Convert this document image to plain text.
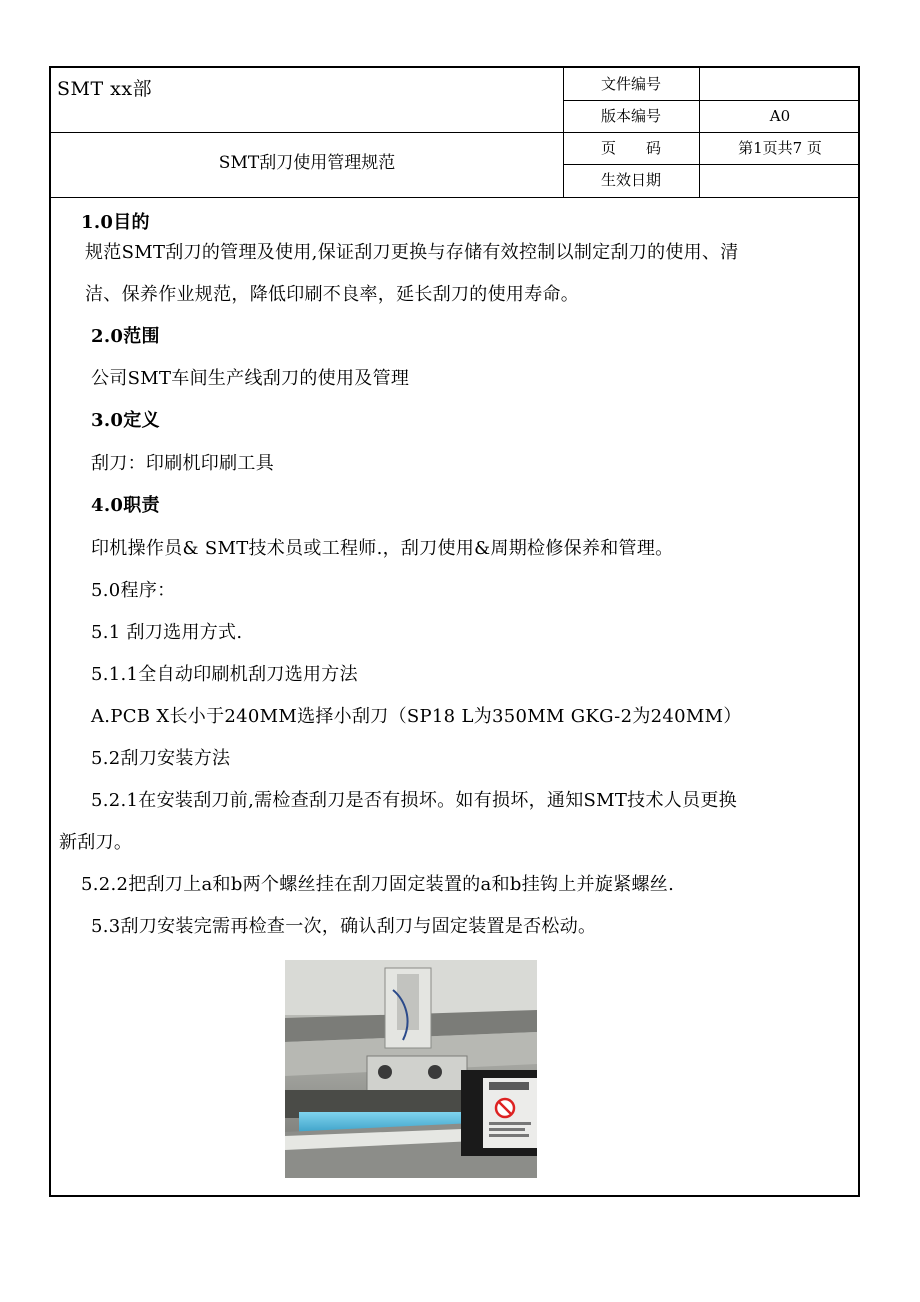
SMT xx部
SMT刮刀使用管理规范
文件编号
版本编号	A0
页　　码	第1页共7 页
生效日期
1.0目的
规范SMT刮刀的管理及使用,保证刮刀更换与存储有效控制以制定刮刀的使用、清
洁、保养作业规范，降低印刷不良率，延长刮刀的使用寿命。
2.0范围
公司SMT车间生产线刮刀的使用及管理
3.0定义
刮刀：印刷机印刷工具
4.0职责
印机操作员& SMT技术员或工程师.，刮刀使用&周期检修保养和管理。
5.0程序：
5.1 刮刀选用方式.
5.1.1全自动印刷机刮刀选用方法
A.PCB X长小于240MM选择小刮刀（SP18 L为350MM GKG-2为240MM）
5.2刮刀安装方法
5.2.1在安装刮刀前,需检查刮刀是否有损坏。如有损坏，通知SMT技术人员更换
新刮刀。
5.2.2把刮刀上a和b两个螺丝挂在刮刀固定装置的a和b挂钩上并旋紧螺丝.
5.3刮刀安装完需再检查一次，确认刮刀与固定装置是否松动。
